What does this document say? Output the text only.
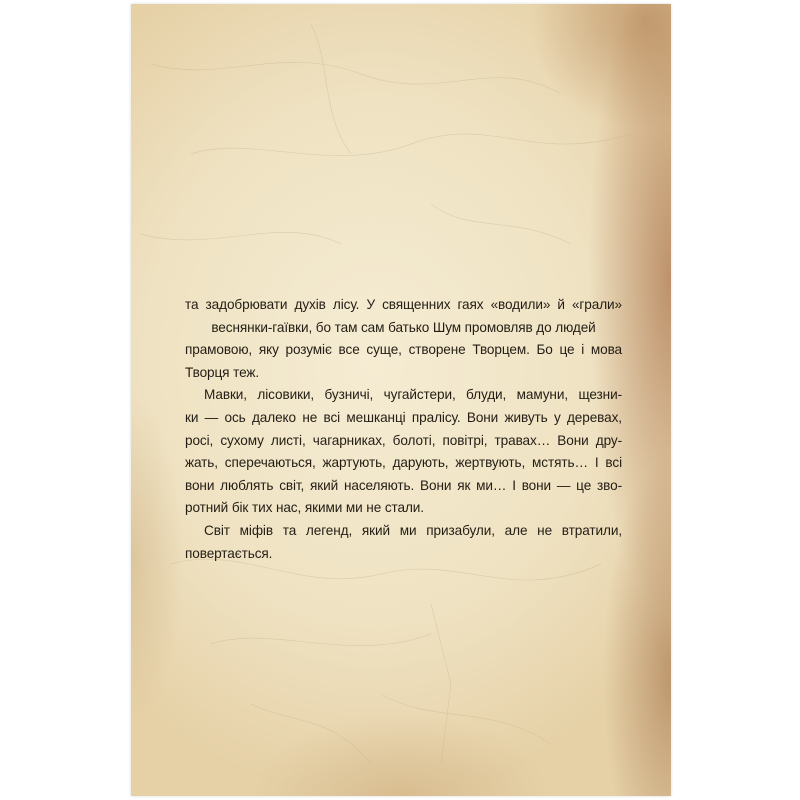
та задобрювати духів лісу. У священних гаях «водили» й «грали»
веснянки-гаївки, бо там сам батько Шум промовляв до людей
прамовою, яку розуміє все суще, створене Творцем. Бо це і мова
Творця теж.
Мавки, лісовики, бузничі, чугайстери, блуди, мамуни, щезни-
ки — ось далеко не всі мешканці пралісу. Вони живуть у деревах,
росі, сухому листі, чагарниках, болоті, повітрі, травах… Вони дру-
жать, сперечаються, жартують, дарують, жертвують, мстять… І всі
вони люблять світ, який населяють. Вони як ми… І вони — це зво-
ротний бік тих нас, якими ми не стали.
Світ міфів та легенд, який ми призабули, але не втратили,
повертається.
